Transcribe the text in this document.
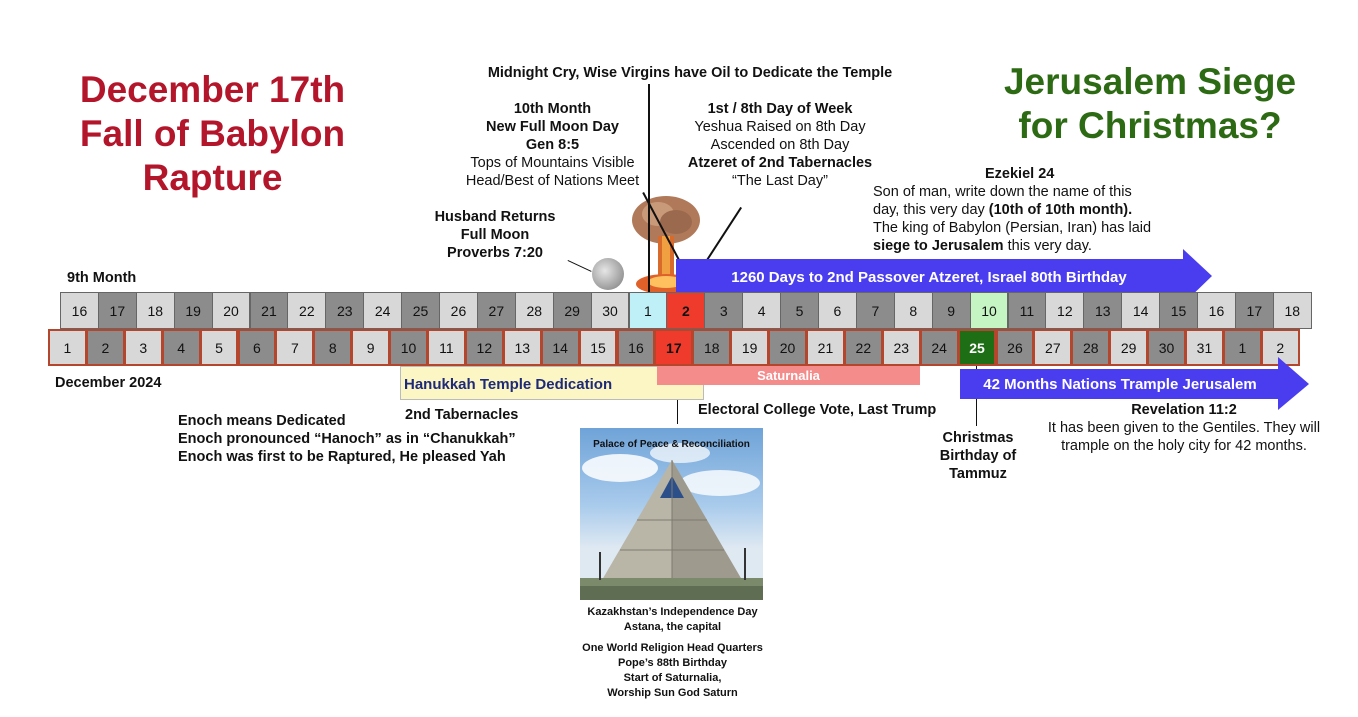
December 17th
Fall of Babylon
Rapture
Jerusalem Siege
for Christmas?
Midnight Cry, Wise Virgins have Oil to Dedicate the Temple
10th Month
New Full Moon Day
Gen 8:5
Tops of Mountains Visible
Head/Best of Nations Meet
1st / 8th Day of Week
Yeshua Raised on 8th Day
Ascended on 8th Day
Atzeret of 2nd Tabernacles
“The Last Day”
Husband Returns
Full Moon
Proverbs 7:20
Ezekiel 24
Son of man, write down the name of this
day, this very day (10th of 10th month).
The king of Babylon (Persian, Iran) has laid
siege to Jerusalem this very day.
9th Month
December 2024
1260 Days to 2nd Passover Atzeret, Israel 80th Birthday
16	17	18	19	20	21	22	23	24	25	26	27	28	29	30	1	2	3	4	5	6	7	8	9	10	11	12	13	14	15	16	17	18
1	2	3	4	5	6	7	8	9	10	11	12	13	14	15	16	17	18	19	20	21	22	23	24	25	26	27	28	29	30	31	1	2
Hanukkah Temple Dedication
Saturnalia
42 Months Nations Trample Jerusalem
Enoch means Dedicated
Enoch pronounced “Hanoch” as in “Chanukkah”
Enoch was first to be Raptured, He pleased Yah
2nd Tabernacles	Electoral College Vote, Last Trump
Christmas
Birthday of
Tammuz
Revelation 11:2
It has been given to the Gentiles. They will
trample on the holy city for 42 months.
Palace of Peace & Reconciliation
Kazakhstan’s Independence Day
Astana, the capital
One World Religion Head Quarters
Pope’s 88th Birthday
Start of Saturnalia,
Worship Sun God Saturn
